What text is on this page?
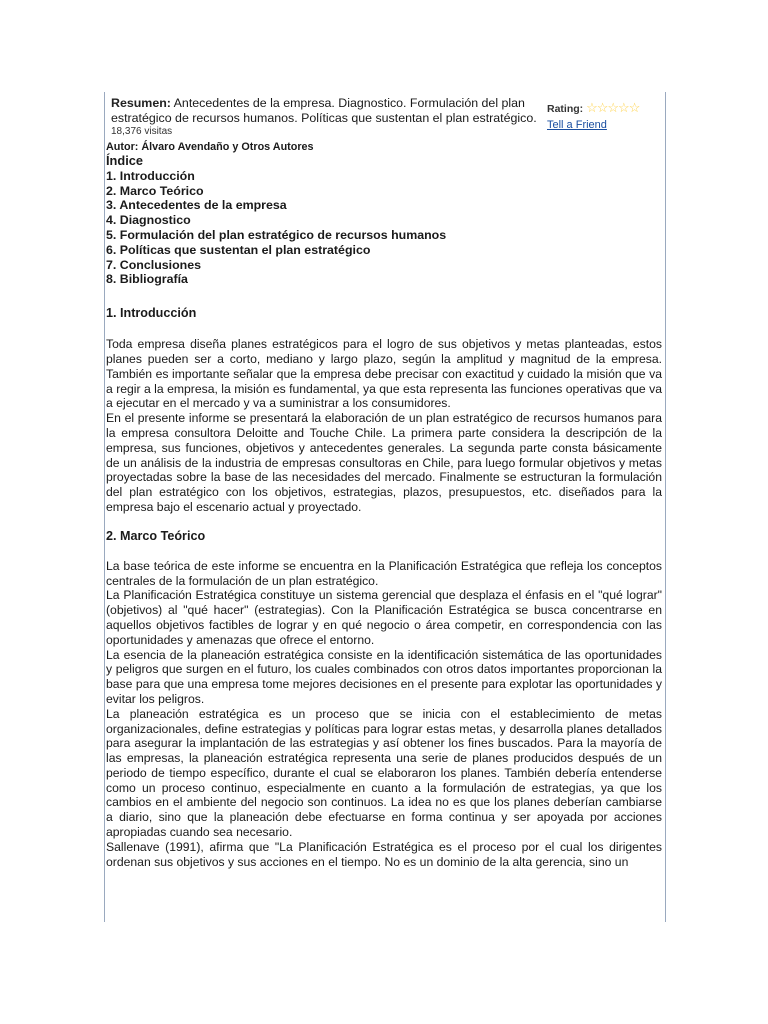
Resumen: Antecedentes de la empresa. Diagnostico. Formulación del plan estratégico de recursos humanos. Políticas que sustentan el plan estratégico.
18,376 visitas
Rating: ☆☆☆☆☆
Tell a Friend
Autor: Álvaro Avendaño y Otros Autores
Índice
1. Introducción
2. Marco Teórico
3. Antecedentes de la empresa
4. Diagnostico
5. Formulación del plan estratégico de recursos humanos
6. Políticas que sustentan el plan estratégico
7. Conclusiones
8. Bibliografía
1. Introducción

Toda empresa diseña planes estratégicos para el logro de sus objetivos y metas planteadas, estos planes pueden ser a corto, mediano y largo plazo, según la amplitud y magnitud de la empresa. También es importante señalar que la empresa debe precisar con exactitud y cuidado la misión que va a regir a la empresa, la misión es fundamental, ya que esta representa las funciones operativas que va a ejecutar en el mercado y va a suministrar a los consumidores.

En el presente informe se presentará la elaboración de un plan estratégico de recursos humanos para la empresa consultora Deloitte and Touche Chile. La primera parte considera la descripción de la empresa, sus funciones, objetivos y antecedentes generales. La segunda parte consta básicamente de un análisis de la industria de empresas consultoras en Chile, para luego formular objetivos y metas proyectadas sobre la base de las necesidades del mercado. Finalmente se estructuran la formulación del plan estratégico con los objetivos, estrategias, plazos, presupuestos, etc. diseñados para la empresa bajo el escenario actual y proyectado.

2. Marco Teórico

La base teórica de este informe se encuentra en la Planificación Estratégica que refleja los conceptos centrales de la formulación de un plan estratégico.

La Planificación Estratégica constituye un sistema gerencial que desplaza el énfasis en el "qué lograr" (objetivos) al "qué hacer" (estrategias). Con la Planificación Estratégica se busca concentrarse en aquellos objetivos factibles de lograr y en qué negocio o área competir, en correspondencia con las oportunidades y amenazas que ofrece el entorno.

La esencia de la planeación estratégica consiste en la identificación sistemática de las oportunidades y peligros que surgen en el futuro, los cuales combinados con otros datos importantes proporcionan la base para que una empresa tome mejores decisiones en el presente para explotar las oportunidades y evitar los peligros.

La planeación estratégica es un proceso que se inicia con el establecimiento de metas organizacionales, define estrategias y políticas para lograr estas metas, y desarrolla planes detallados para asegurar la implantación de las estrategias y así obtener los fines buscados. Para la mayoría de las empresas, la planeación estratégica representa una serie de planes producidos después de un periodo de tiempo específico, durante el cual se elaboraron los planes. También debería entenderse como un proceso continuo, especialmente en cuanto a la formulación de estrategias, ya que los cambios en el ambiente del negocio son continuos. La idea no es que los planes deberían cambiarse a diario, sino que la planeación debe efectuarse en forma continua y ser apoyada por acciones apropiadas cuando sea necesario.

Sallenave (1991), afirma que "La Planificación Estratégica es el proceso por el cual los dirigentes ordenan sus objetivos y sus acciones en el tiempo. No es un dominio de la alta gerencia, sino un
